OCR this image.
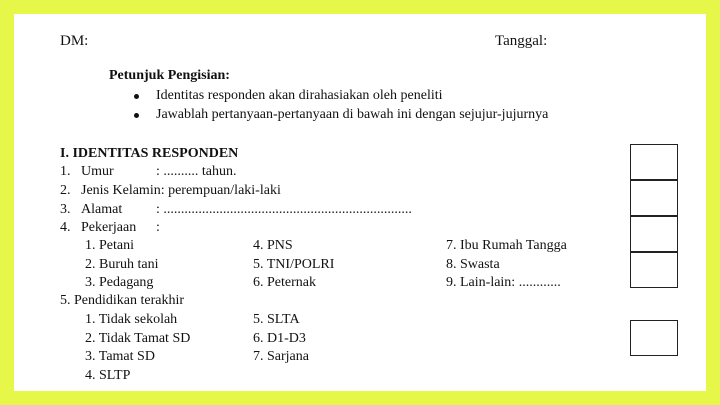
DM:	Tanggal:
Petunjuk Pengisian:
Identitas responden akan dirahasiakan oleh peneliti
Jawablah pertanyaan-pertanyaan di bawah ini dengan sejujur-jujurnya
I. IDENTITAS RESPONDEN
1. Umur	: .......... tahun.
2. Jenis Kelamin: perempuan/laki-laki
3. Alamat : .......................................................................
4. Pekerjaan :
1. Petani	4. PNS	7. Ibu Rumah Tangga
2. Buruh tani	5. TNI/POLRI	8. Swasta
3. Pedagang	6. Peternak	9. Lain-lain: ............
5. Pendidikan terakhir
1. Tidak sekolah	5. SLTA
2. Tidak Tamat SD	6. D1-D3
3. Tamat SD	7. Sarjana
4. SLTP
